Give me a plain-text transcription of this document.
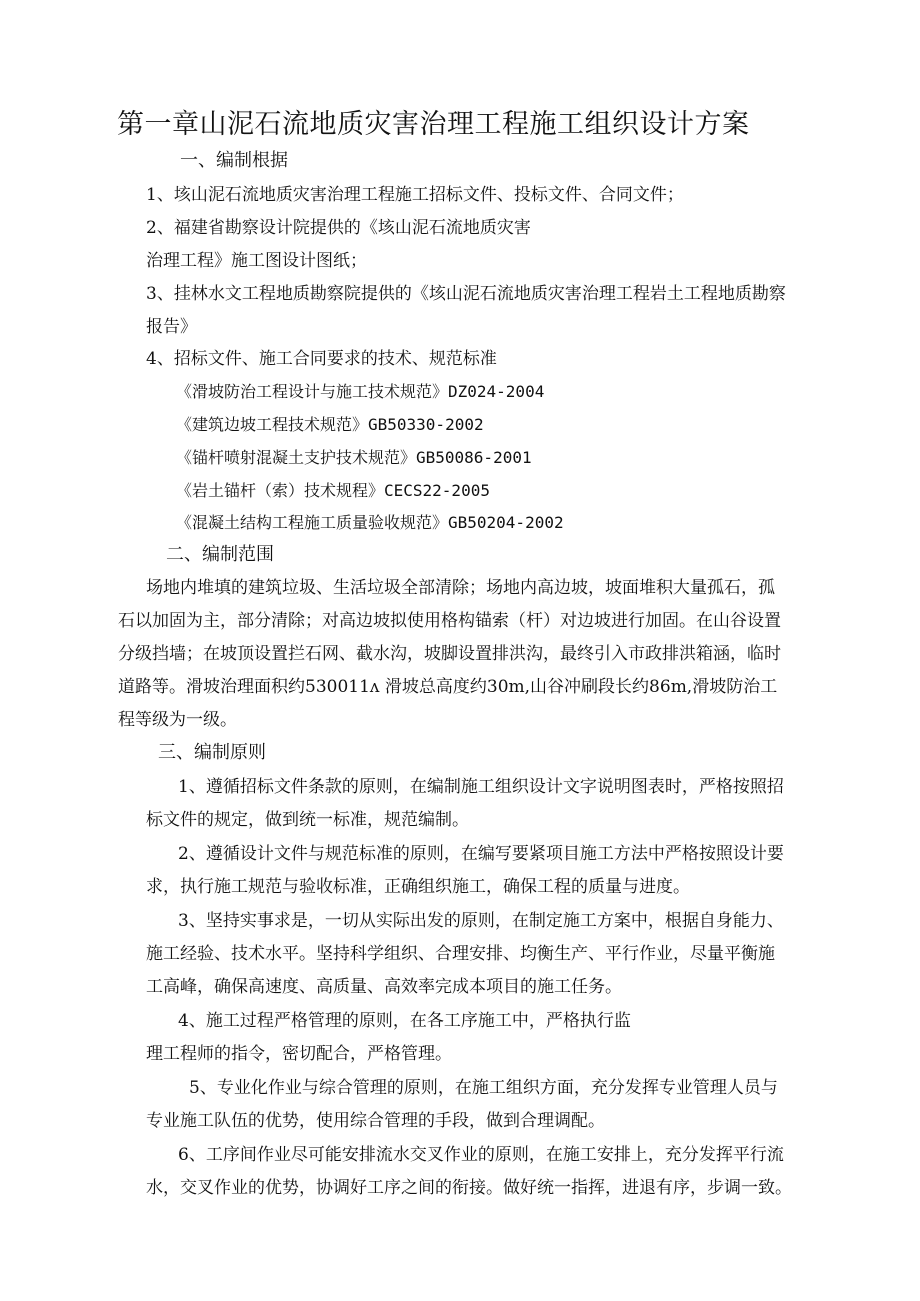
第一章山泥石流地质灾害治理工程施工组织设计方案
一、编制根据
1、垓山泥石流地质灾害治理工程施工招标文件、投标文件、合同文件；
2、福建省勘察设计院提供的《垓山泥石流地质灾害
治理工程》施工图设计图纸；
3、挂林水文工程地质勘察院提供的《垓山泥石流地质灾害治理工程岩土工程地质勘察
报告》
4、招标文件、施工合同要求的技术、规范标准
《滑坡防治工程设计与施工技术规范》DZ024-2004
《建筑边坡工程技术规范》GB50330-2002
《锚杆喷射混凝土支护技术规范》GB50086-2001
《岩土锚杆（索）技术规程》CECS22-2005
《混凝土结构工程施工质量验收规范》GB50204-2002
二、编制范围
场地内堆填的建筑垃圾、生活垃圾全部清除；场地内高边坡，坡面堆积大量孤石，孤
石以加固为主，部分清除；对高边坡拟使用格构锚索（杆）对边坡进行加固。在山谷设置
分级挡墙；在坡顶设置拦石网、截水沟，坡脚设置排洪沟，最终引入市政排洪箱涵，临时
道路等。滑坡治理面积约530011ʌ 滑坡总高度约30m,山谷冲刷段长约86m,滑坡防治工
程等级为一级。
三、编制原则
1、遵循招标文件条款的原则，在编制施工组织设计文字说明图表时，严格按照招
标文件的规定，做到统一标准，规范编制。
2、遵循设计文件与规范标准的原则，在编写要紧项目施工方法中严格按照设计要
求，执行施工规范与验收标准，正确组织施工，确保工程的质量与进度。
3、坚持实事求是，一切从实际出发的原则，在制定施工方案中，根据自身能力、
施工经验、技术水平。坚持科学组织、合理安排、均衡生产、平行作业，尽量平衡施
工高峰，确保高速度、高质量、高效率完成本项目的施工任务。
4、施工过程严格管理的原则，在各工序施工中，严格执行监
理工程师的指令，密切配合，严格管理。
5、专业化作业与综合管理的原则，在施工组织方面，充分发挥专业管理人员与
专业施工队伍的优势，使用综合管理的手段，做到合理调配。
6、工序间作业尽可能安排流水交叉作业的原则，在施工安排上，充分发挥平行流
水，交叉作业的优势，协调好工序之间的衔接。做好统一指挥，进退有序，步调一致。
